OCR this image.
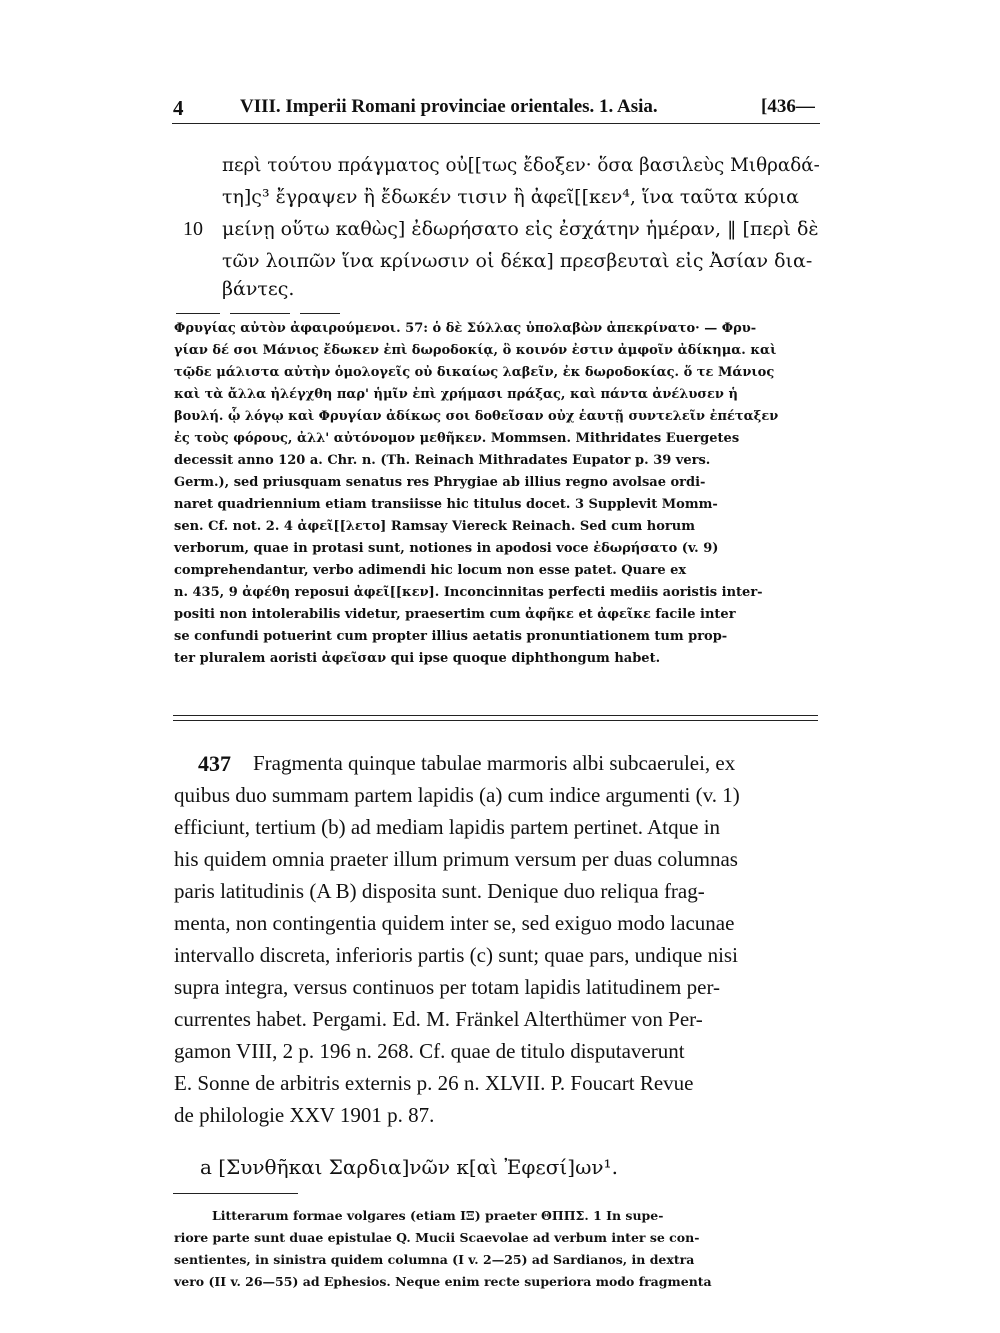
4	VIII. Imperii Romani provinciae orientales. 1. Asia.	[436—
περὶ τούτου πράγματος οὐ[[τως ἔδοξεν· ὅσα βασιλεὺς Μιθραδά-
τη]ς³ ἔγραψεν ἢ ἔδωκέν τισιν ἢ ἀφεῖ[[κεν⁴, ἵνα ταῦτα κύρια
10 μείνῃ οὕτω καθὼς] ἐδωρήσατο εἰς ἐσχάτην ἡμέραν, ‖ [περὶ δὲ
τῶν λοιπῶν ἵνα κρίνωσιν οἱ δέκα] πρεσβευταὶ εἰς Ἀσίαν δια-
βάντες.

Φρυγίας αὐτὸν ἀφαιρούμενοι. 57: ὁ δὲ Σύλλας ὑπολαβὼν ἀπεκρίνατο· — Φρυ-
γίαν δέ σοι Μάνιος ἔδωκεν ἐπὶ δωροδοκίᾳ, ὃ κοινόν ἐστιν ἀμφοῖν ἀδίκημα. καὶ
τῷδε μάλιστα αὐτὴν ὁμολογεῖς οὐ δικαίως λαβεῖν, ἐκ δωροδοκίας. ὅ τε Μάνιος
καὶ τὰ ἄλλα ἠλέγχθη παρ' ἡμῖν ἐπὶ χρήμασι πράξας, καὶ πάντα ἀνέλυσεν ἡ
βουλή. ᾧ λόγῳ καὶ Φρυγίαν ἀδίκως σοι δοθεῖσαν οὐχ ἑαυτῇ συντελεῖν ἐπέταξεν
ἐς τοὺς φόρους, ἀλλ' αὐτόνομον μεθῆκεν. Mommsen. Mithridates Euergetes
decessit anno 120 a. Chr. n. (Th. Reinach Mithradates Eupator p. 39 vers.
Germ.), sed priusquam senatus res Phrygiae ab illius regno avolsae ordi-
naret quadriennium etiam transiisse hic titulus docet. 3 Supplevit Momm-
sen. Cf. not. 2. 4 ἀφεῖ[[λετο] Ramsay Viereck Reinach. Sed cum horum
verborum, quae in protasi sunt, notiones in apodosi voce ἐδωρήσατο (v. 9)
comprehendantur, verbo adimendi hic locum non esse patet. Quare ex
n. 435, 9 ἀφέθη reposui ἀφεῖ[[κεν]. Inconcinnitas perfecti mediis aoristis inter-
positi non intolerabilis videtur, praesertim cum ἀφῆκε et ἀφεῖκε facile inter
se confundi potuerint cum propter illius aetatis pronuntiationem tum prop-
ter pluralem aoristi ἀφεῖσαν qui ipse quoque diphthongum habet.
437 Fragmenta quinque tabulae marmoris albi subcaerulei, ex
quibus duo summam partem lapidis (a) cum indice argumenti (v. 1)
efficiunt, tertium (b) ad mediam lapidis partem pertinet. Atque in
his quidem omnia praeter illum primum versum per duas columnas
paris latitudinis (A B) disposita sunt. Denique duo reliqua frag-
menta, non contingentia quidem inter se, sed exiguo modo lacunae
intervallo discreta, inferioris partis (c) sunt; quae pars, undique nisi
supra integra, versus continuos per totam lapidis latitudinem per-
currentes habet. Pergami. Ed. M. Fränkel Alterthümer von Per-
gamon VIII, 2 p. 196 n. 268. Cf. quae de titulo disputaverunt
E. Sonne de arbitris externis p. 26 n. XLVII. P. Foucart Revue
de philologie XXV 1901 p. 87.
a [Συνθῆκαι Σαρδια]νῶν κ[αὶ Ἐφεσί]ων¹.
Litterarum formae volgares (etiam IΞ) praeter ΘΠΠΣ. 1 In supe-
riore parte sunt duae epistulae Q. Mucii Scaevolae ad verbum inter se con-
sentientes, in sinistra quidem columna (I v. 2—25) ad Sardianos, in dextra
vero (II v. 26—55) ad Ephesios. Neque enim recte superiora modo fragmenta
